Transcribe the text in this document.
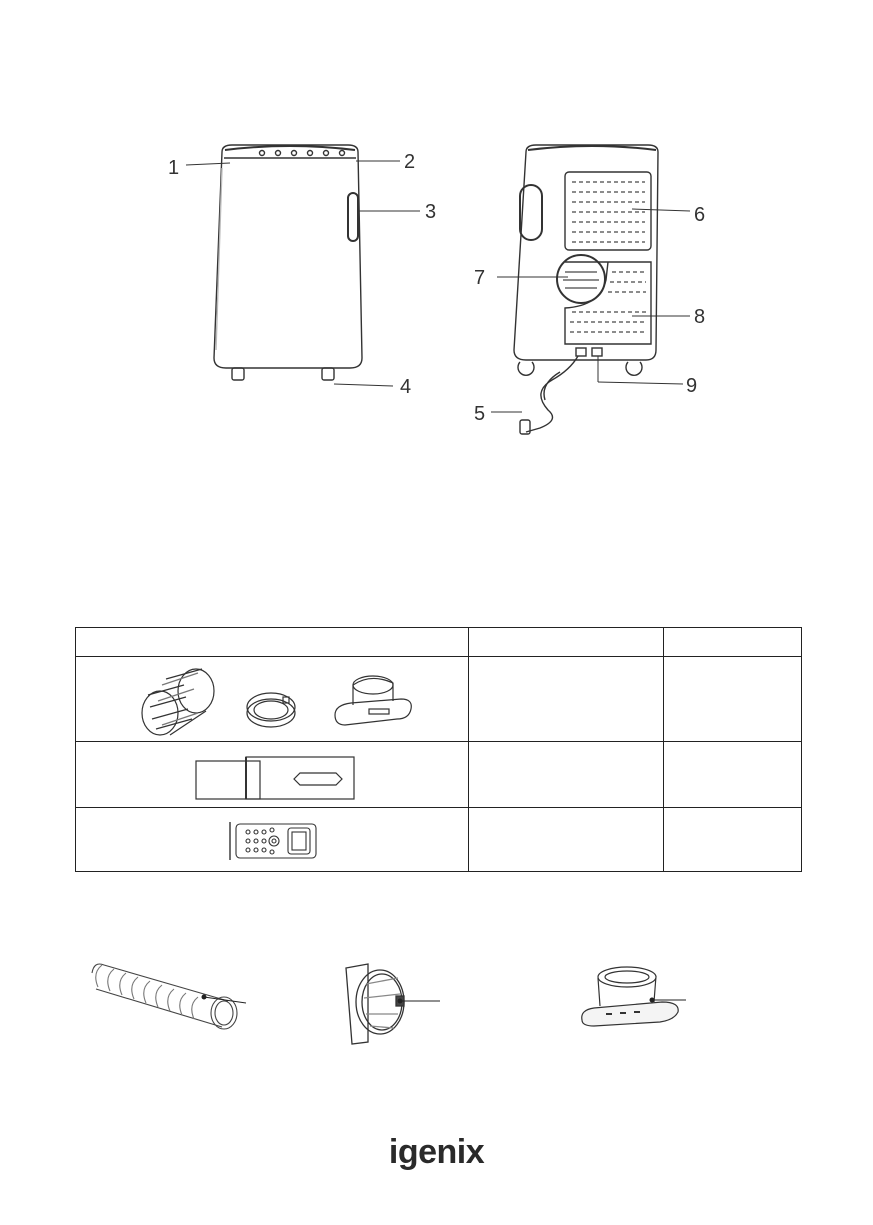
1	2
3
4
5
6
7
8
9

igenix
